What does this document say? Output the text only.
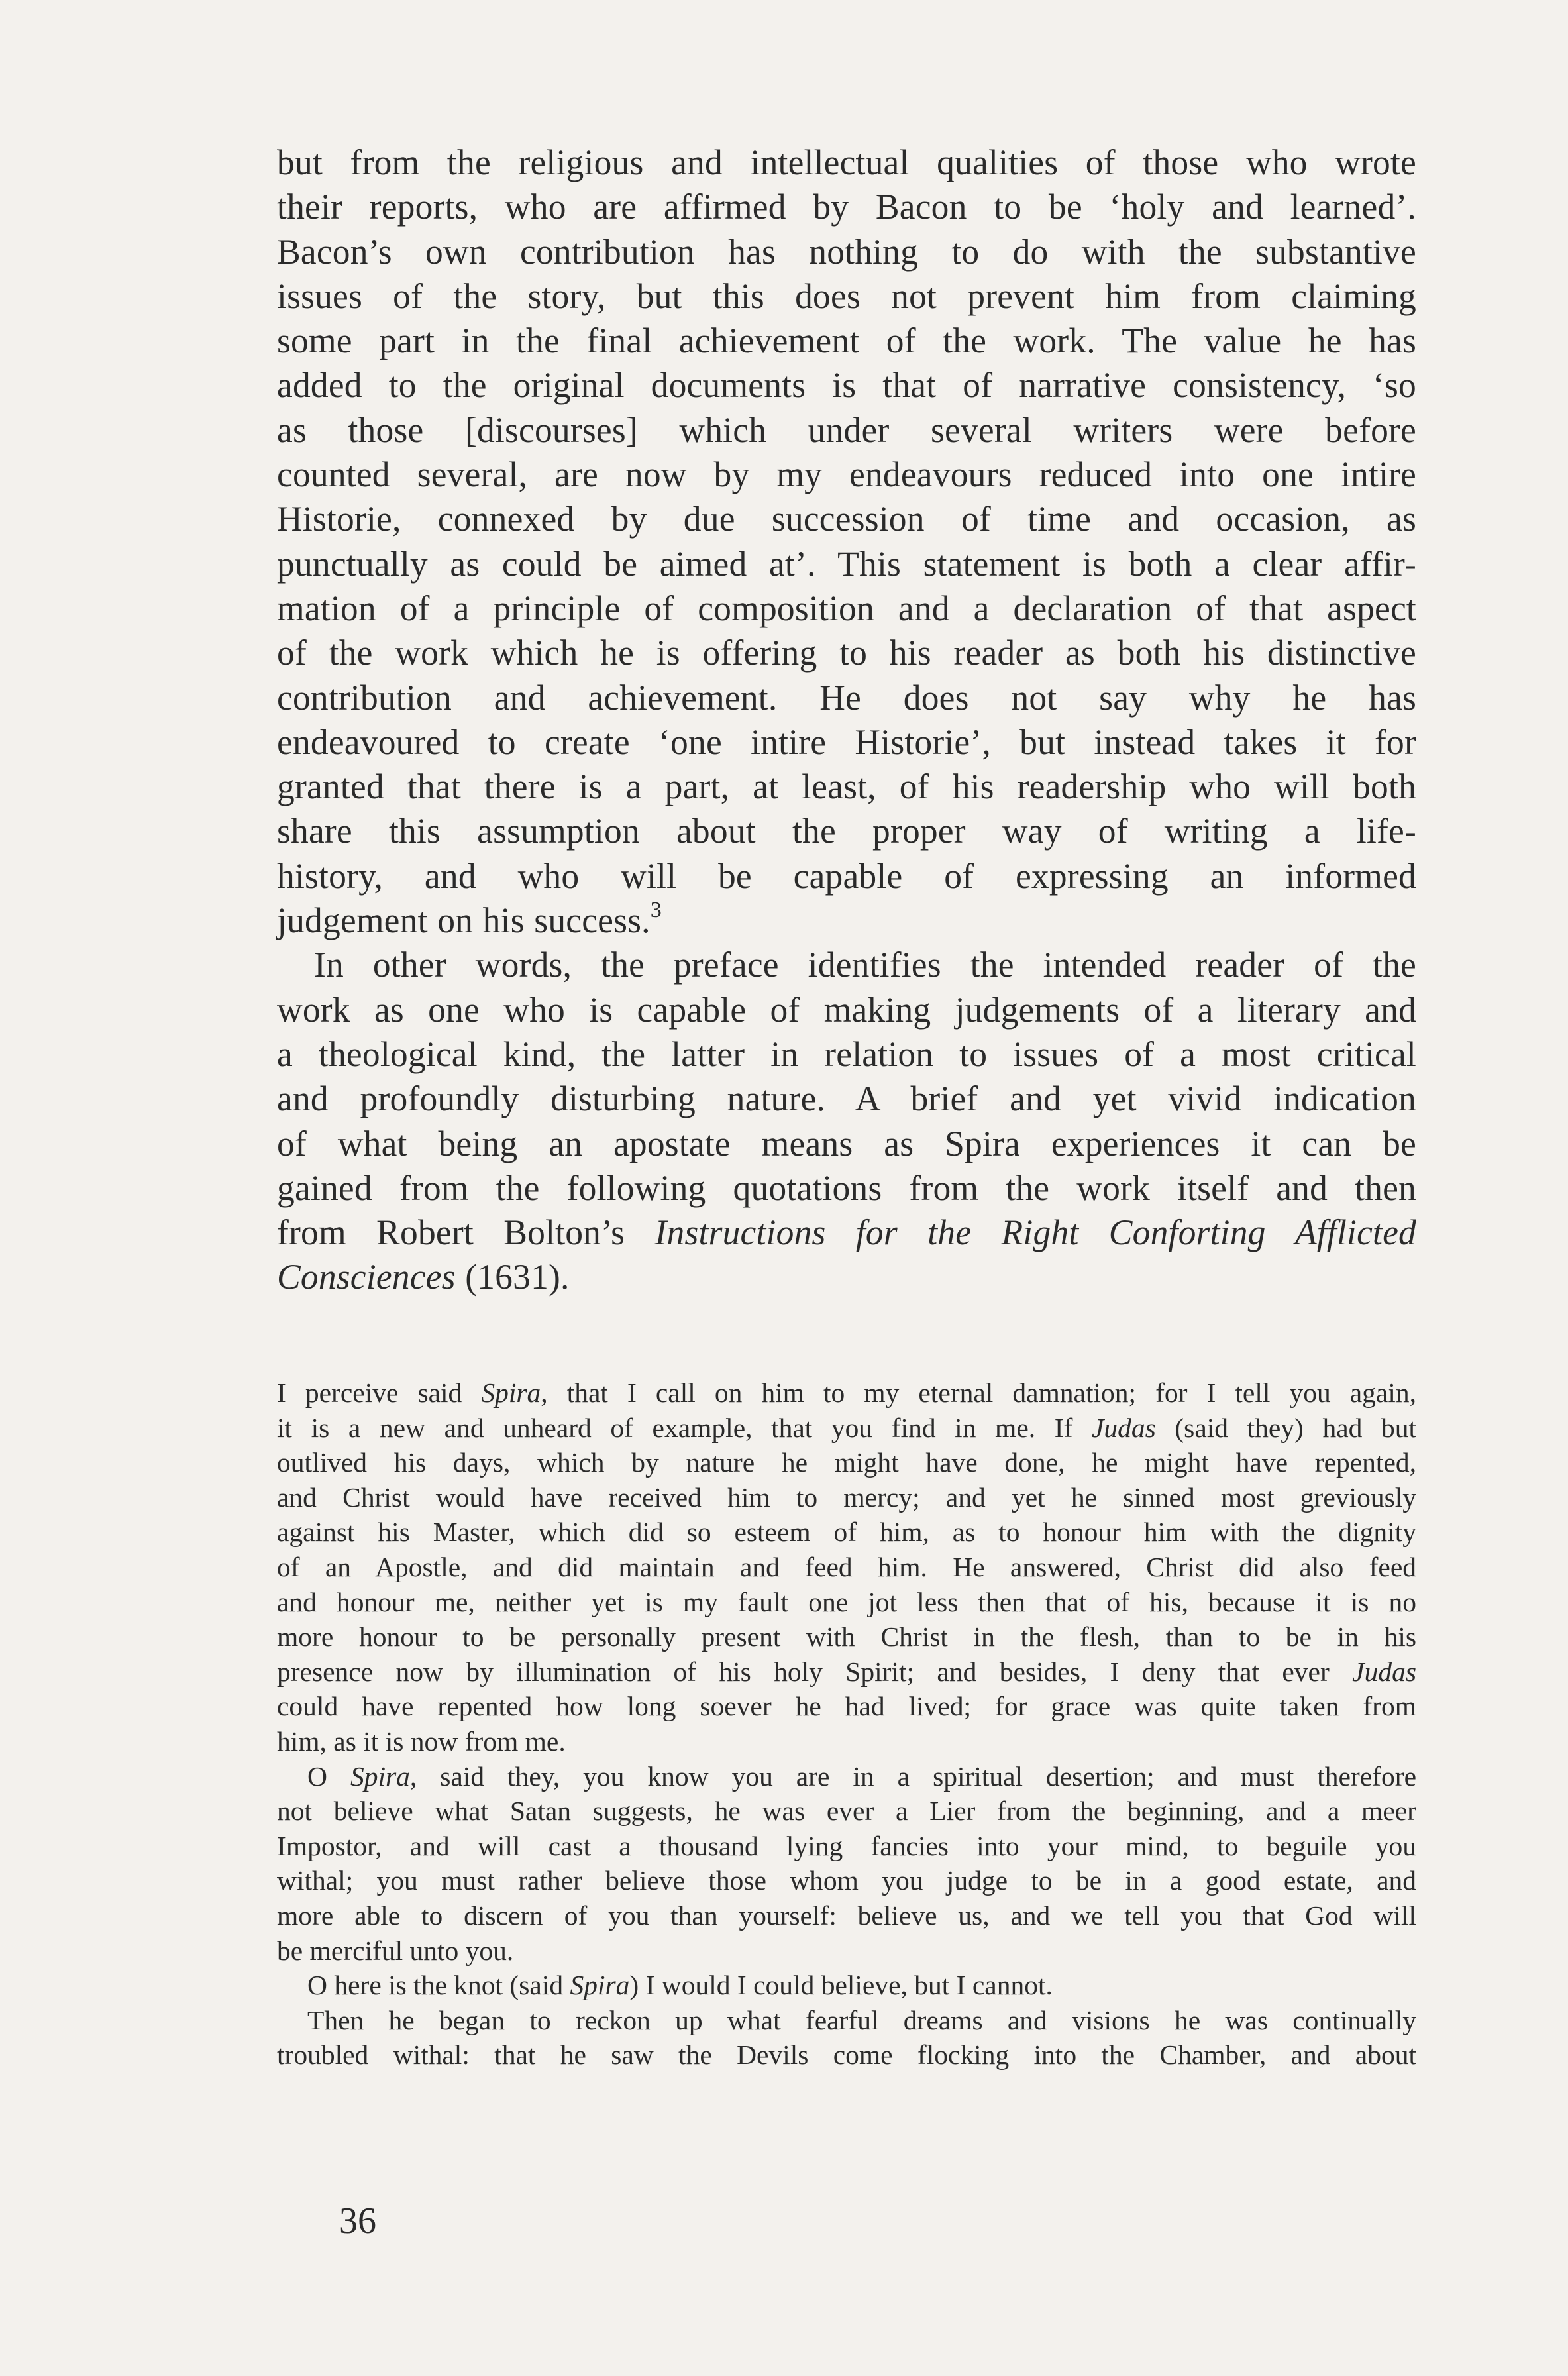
but from the religious and intellectual qualities of those who wrote
their reports, who are affirmed by Bacon to be ‘holy and learned’.
Bacon’s own contribution has nothing to do with the substantive
issues of the story, but this does not prevent him from claiming
some part in the final achievement of the work. The value he has
added to the original documents is that of narrative consistency, ‘so
as those [discourses] which under several writers were before
counted several, are now by my endeavours reduced into one intire
Historie, connexed by due succession of time and occasion, as
punctually as could be aimed at’. This statement is both a clear affir-
mation of a principle of composition and a declaration of that aspect
of the work which he is offering to his reader as both his distinctive
contribution and achievement. He does not say why he has
endeavoured to create ‘one intire Historie’, but instead takes it for
granted that there is a part, at least, of his readership who will both
share this assumption about the proper way of writing a life-
history, and who will be capable of expressing an informed
judgement on his success.$^3$

In other words, the preface identifies the intended reader of the
work as one who is capable of making judgements of a literary and
a theological kind, the latter in relation to issues of a most critical
and profoundly disturbing nature. A brief and yet vivid indication
of what being an apostate means as Spira experiences it can be
gained from the following quotations from the work itself and then
from Robert Bolton’s Instructions for the Right Conforting Afflicted
Consciences (1631).

I perceive said Spira, that I call on him to my eternal damnation; for I tell you again,
it is a new and unheard of example, that you find in me. If Judas (said they) had but
outlived his days, which by nature he might have done, he might have repented,
and Christ would have received him to mercy; and yet he sinned most greviously
against his Master, which did so esteem of him, as to honour him with the dignity
of an Apostle, and did maintain and feed him. He answered, Christ did also feed
and honour me, neither yet is my fault one jot less then that of his, because it is no
more honour to be personally present with Christ in the flesh, than to be in his
presence now by illumination of his holy Spirit; and besides, I deny that ever Judas
could have repented how long soever he had lived; for grace was quite taken from
him, as it is now from me.

O Spira, said they, you know you are in a spiritual desertion; and must therefore
not believe what Satan suggests, he was ever a Lier from the beginning, and a meer
Impostor, and will cast a thousand lying fancies into your mind, to beguile you
withal; you must rather believe those whom you judge to be in a good estate, and
more able to discern of you than yourself: believe us, and we tell you that God will
be merciful unto you.

O here is the knot (said Spira) I would I could believe, but I cannot.

Then he began to reckon up what fearful dreams and visions he was continually
troubled withal: that he saw the Devils come flocking into the Chamber, and about

36
